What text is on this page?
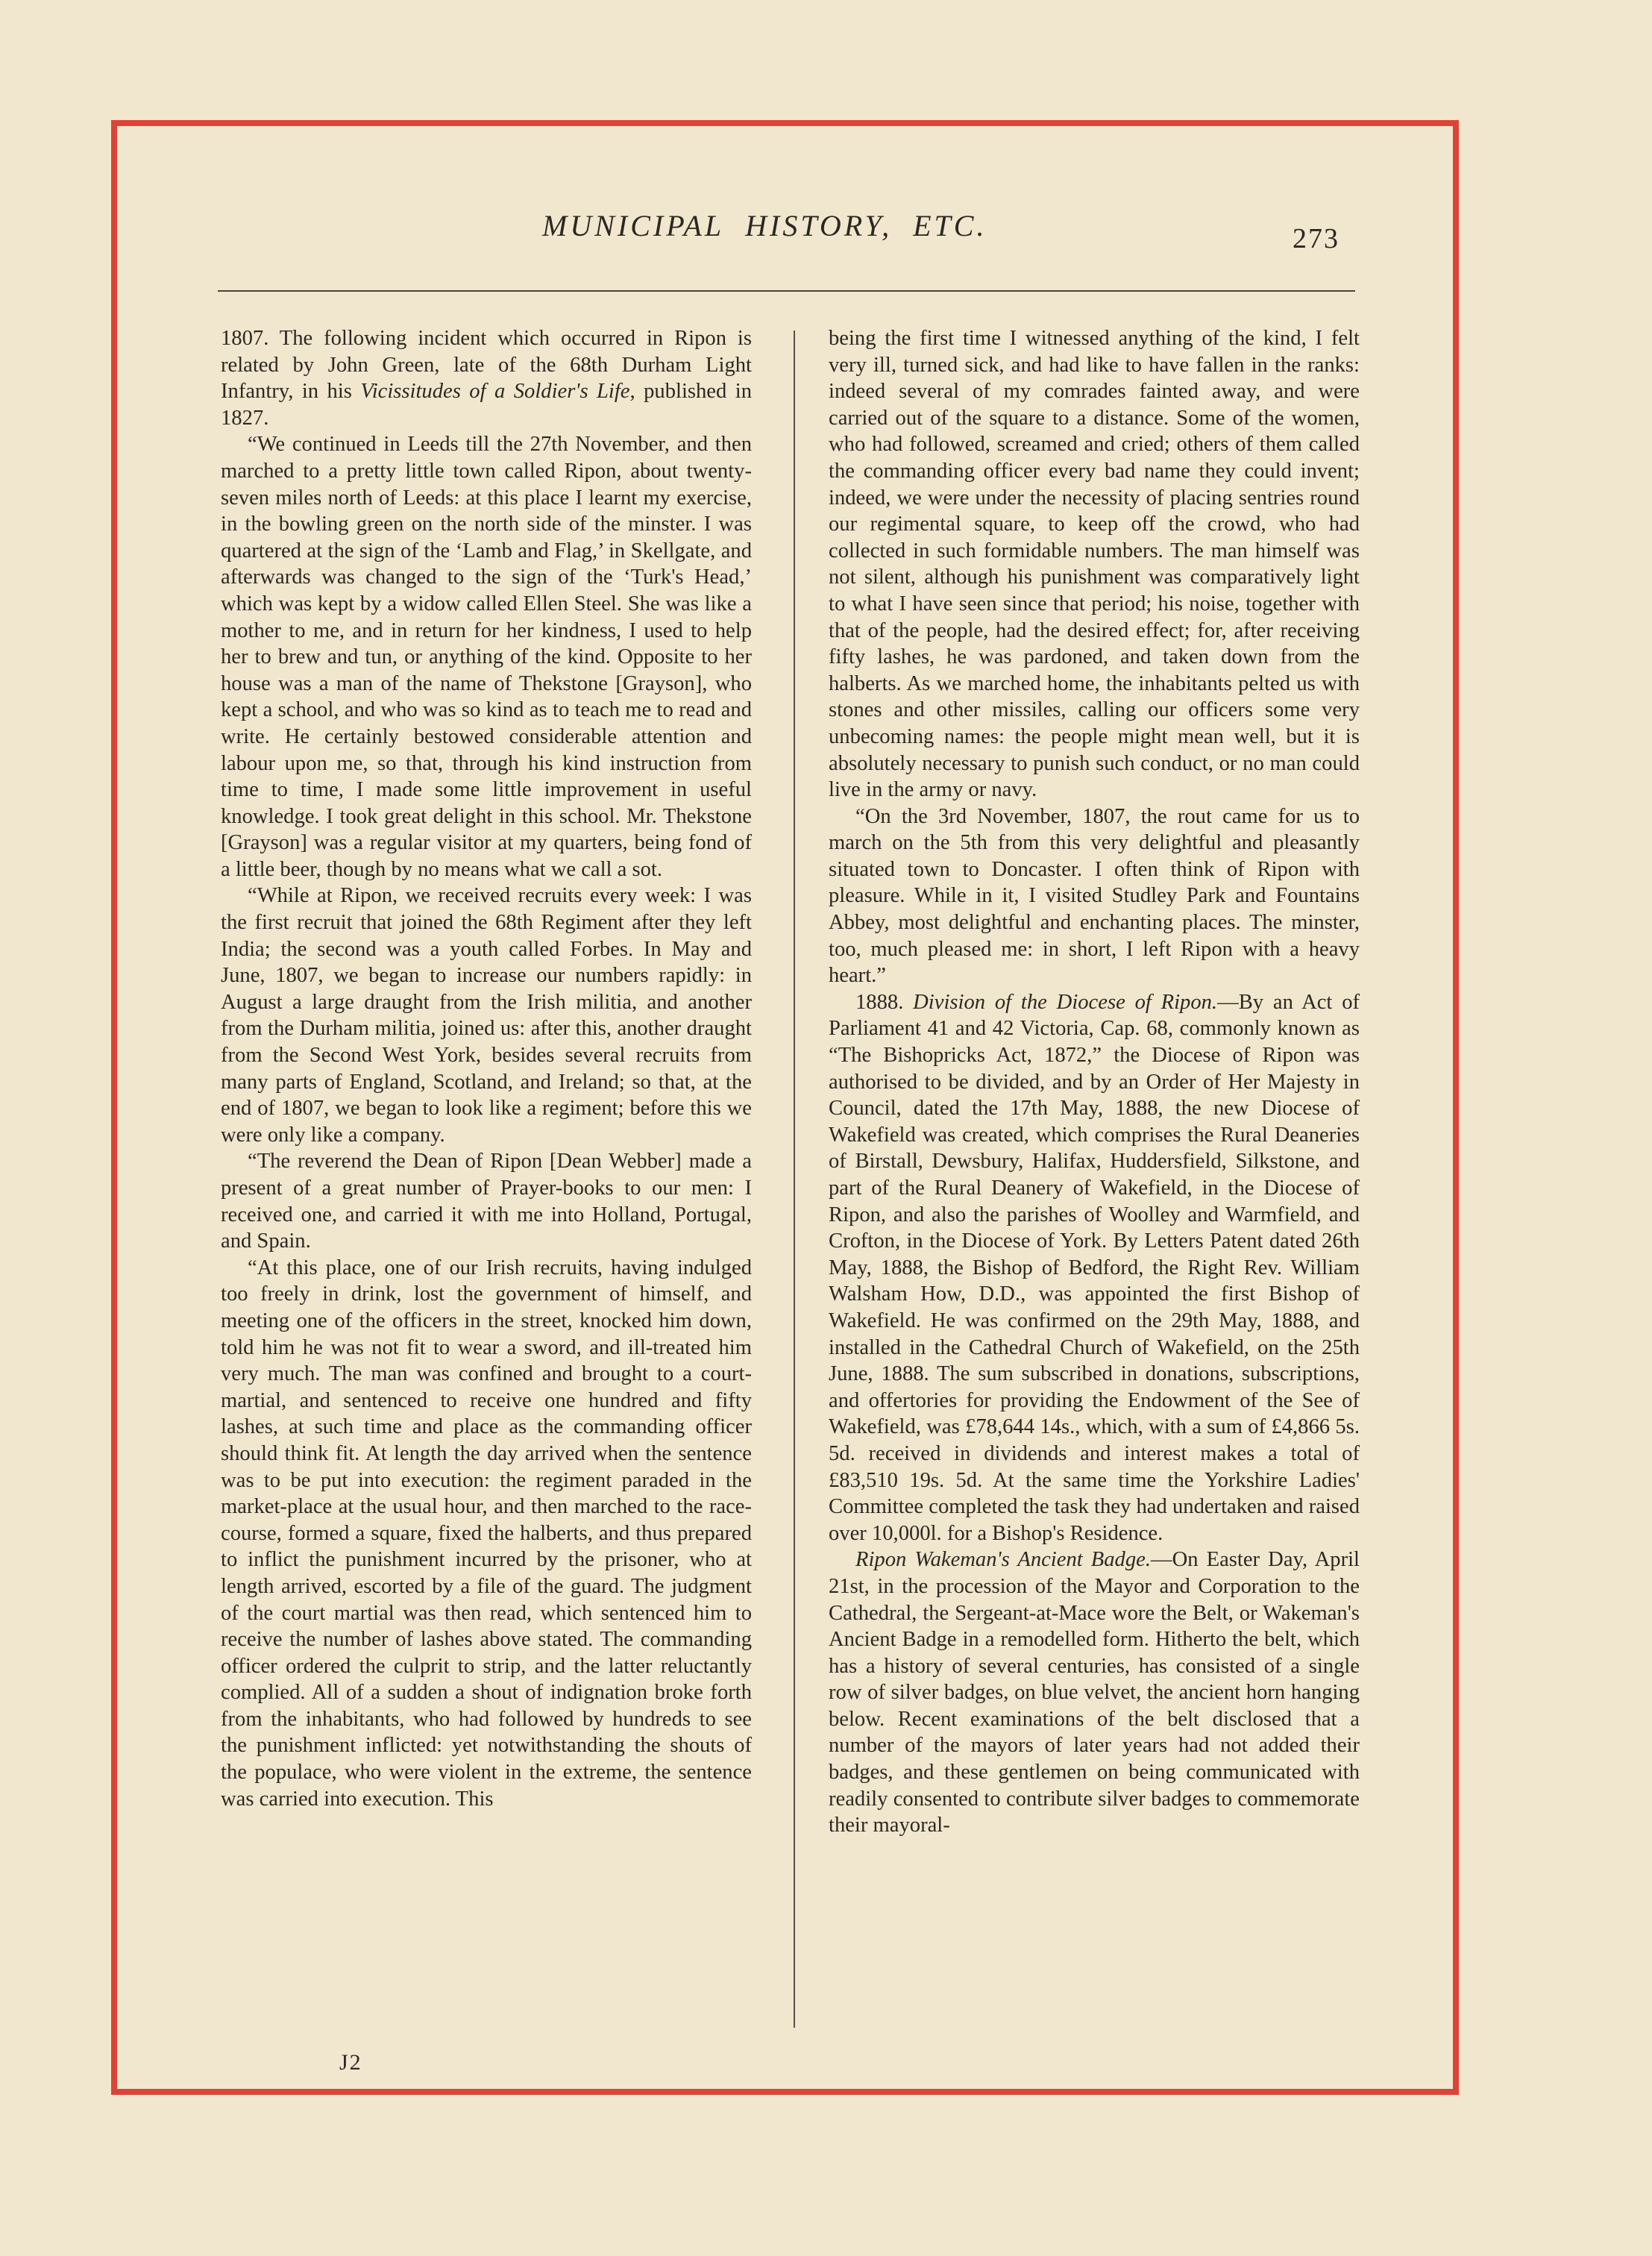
MUNICIPAL HISTORY, ETC.	273

1807. The following incident which occurred in Ripon is related by John Green, late of the 68th Durham Light Infantry, in his Vicissitudes of a Soldier's Life, published in 1827.

“We continued in Leeds till the 27th November, and then marched to a pretty little town called Ripon, about twenty-seven miles north of Leeds: at this place I learnt my exercise, in the bowling green on the north side of the minster. I was quartered at the sign of the ‘Lamb and Flag,’ in Skellgate, and afterwards was changed to the sign of the ‘Turk's Head,’ which was kept by a widow called Ellen Steel. She was like a mother to me, and in return for her kindness, I used to help her to brew and tun, or anything of the kind. Opposite to her house was a man of the name of Thekstone [Grayson], who kept a school, and who was so kind as to teach me to read and write. He certainly bestowed considerable attention and labour upon me, so that, through his kind instruction from time to time, I made some little improvement in useful knowledge. I took great delight in this school. Mr. Thekstone [Grayson] was a regular visitor at my quarters, being fond of a little beer, though by no means what we call a sot.

“While at Ripon, we received recruits every week: I was the first recruit that joined the 68th Regiment after they left India; the second was a youth called Forbes. In May and June, 1807, we began to increase our numbers rapidly: in August a large draught from the Irish militia, and another from the Durham militia, joined us: after this, another draught from the Second West York, besides several recruits from many parts of England, Scotland, and Ireland; so that, at the end of 1807, we began to look like a regiment; before this we were only like a company.

“The reverend the Dean of Ripon [Dean Webber] made a present of a great number of Prayer-books to our men: I received one, and carried it with me into Holland, Portugal, and Spain.

“At this place, one of our Irish recruits, having indulged too freely in drink, lost the government of himself, and meeting one of the officers in the street, knocked him down, told him he was not fit to wear a sword, and ill-treated him very much. The man was confined and brought to a court-martial, and sentenced to receive one hundred and fifty lashes, at such time and place as the commanding officer should think fit. At length the day arrived when the sentence was to be put into execution: the regiment paraded in the market-place at the usual hour, and then marched to the race-course, formed a square, fixed the halberts, and thus prepared to inflict the punishment incurred by the prisoner, who at length arrived, escorted by a file of the guard. The judgment of the court martial was then read, which sentenced him to receive the number of lashes above stated. The commanding officer ordered the culprit to strip, and the latter reluctantly complied. All of a sudden a shout of indignation broke forth from the inhabitants, who had followed by hundreds to see the punishment inflicted: yet notwithstanding the shouts of the populace, who were violent in the extreme, the sentence was carried into execution. This

being the first time I witnessed anything of the kind, I felt very ill, turned sick, and had like to have fallen in the ranks: indeed several of my comrades fainted away, and were carried out of the square to a distance. Some of the women, who had followed, screamed and cried; others of them called the commanding officer every bad name they could invent; indeed, we were under the necessity of placing sentries round our regimental square, to keep off the crowd, who had collected in such formidable numbers. The man himself was not silent, although his punishment was comparatively light to what I have seen since that period; his noise, together with that of the people, had the desired effect; for, after receiving fifty lashes, he was pardoned, and taken down from the halberts. As we marched home, the inhabitants pelted us with stones and other missiles, calling our officers some very unbecoming names: the people might mean well, but it is absolutely necessary to punish such conduct, or no man could live in the army or navy.

“On the 3rd November, 1807, the rout came for us to march on the 5th from this very delightful and pleasantly situated town to Doncaster. I often think of Ripon with pleasure. While in it, I visited Studley Park and Fountains Abbey, most delightful and enchanting places. The minster, too, much pleased me: in short, I left Ripon with a heavy heart.”

1888. Division of the Diocese of Ripon.—By an Act of Parliament 41 and 42 Victoria, Cap. 68, commonly known as “The Bishopricks Act, 1872,” the Diocese of Ripon was authorised to be divided, and by an Order of Her Majesty in Council, dated the 17th May, 1888, the new Diocese of Wakefield was created, which comprises the Rural Deaneries of Birstall, Dewsbury, Halifax, Huddersfield, Silkstone, and part of the Rural Deanery of Wakefield, in the Diocese of Ripon, and also the parishes of Woolley and Warmfield, and Crofton, in the Diocese of York. By Letters Patent dated 26th May, 1888, the Bishop of Bedford, the Right Rev. William Walsham How, D.D., was appointed the first Bishop of Wakefield. He was confirmed on the 29th May, 1888, and installed in the Cathedral Church of Wakefield, on the 25th June, 1888. The sum subscribed in donations, subscriptions, and offertories for providing the Endowment of the See of Wakefield, was £78,644 14s., which, with a sum of £4,866 5s. 5d. received in dividends and interest makes a total of £83,510 19s. 5d. At the same time the Yorkshire Ladies' Committee completed the task they had undertaken and raised over 10,000l. for a Bishop's Residence.

Ripon Wakeman's Ancient Badge.—On Easter Day, April 21st, in the procession of the Mayor and Corporation to the Cathedral, the Sergeant-at-Mace wore the Belt, or Wakeman's Ancient Badge in a remodelled form. Hitherto the belt, which has a history of several centuries, has consisted of a single row of silver badges, on blue velvet, the ancient horn hanging below. Recent examinations of the belt disclosed that a number of the mayors of later years had not added their badges, and these gentlemen on being communicated with readily consented to contribute silver badges to commemorate their mayoral-

J2
